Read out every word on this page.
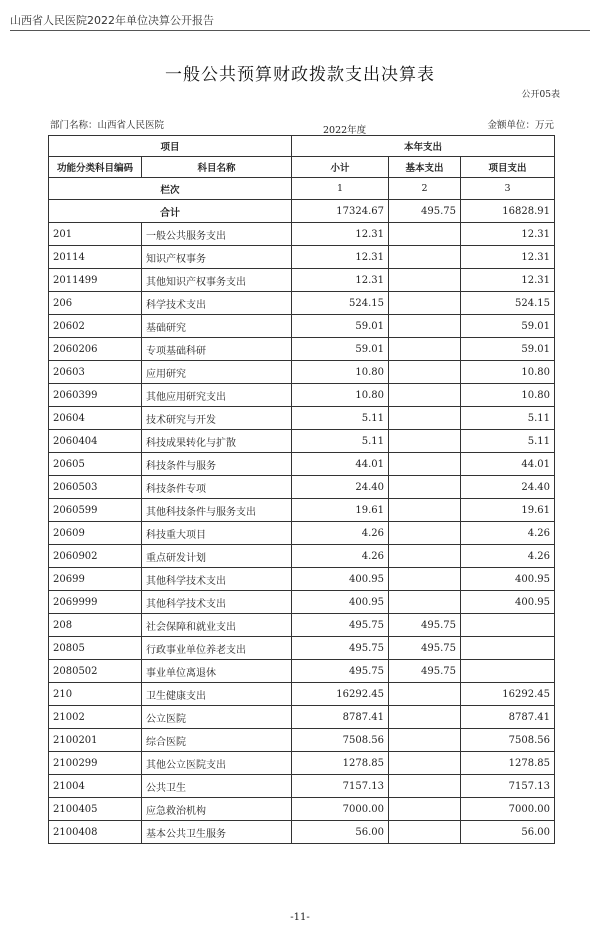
山西省人民医院2022年单位决算公开报告
一般公共预算财政拨款支出决算表
公开05表
部门名称：山西省人民医院	2022年度	金额单位：万元
项目		本年支出		
功能分类科目编码	科目名称	小计	基本支出	项目支出
栏次		1	2	3
合计		17324.67	495.75	16828.91
201	一般公共服务支出	12.31		12.31
20114	知识产权事务	12.31		12.31
2011499	其他知识产权事务支出	12.31		12.31
206	科学技术支出	524.15		524.15
20602	基础研究	59.01		59.01
2060206	专项基础科研	59.01		59.01
20603	应用研究	10.80		10.80
2060399	其他应用研究支出	10.80		10.80
20604	技术研究与开发	5.11		5.11
2060404	科技成果转化与扩散	5.11		5.11
20605	科技条件与服务	44.01		44.01
2060503	科技条件专项	24.40		24.40
2060599	其他科技条件与服务支出	19.61		19.61
20609	科技重大项目	4.26		4.26
2060902	重点研发计划	4.26		4.26
20699	其他科学技术支出	400.95		400.95
2069999	其他科学技术支出	400.95		400.95
208	社会保障和就业支出	495.75	495.75	
20805	行政事业单位养老支出	495.75	495.75	
2080502	事业单位离退休	495.75	495.75	
210	卫生健康支出	16292.45		16292.45
21002	公立医院	8787.41		8787.41
2100201	综合医院	7508.56		7508.56
2100299	其他公立医院支出	1278.85		1278.85
21004	公共卫生	7157.13		7157.13
2100405	应急救治机构	7000.00		7000.00
2100408	基本公共卫生服务	56.00		56.00
-11-
